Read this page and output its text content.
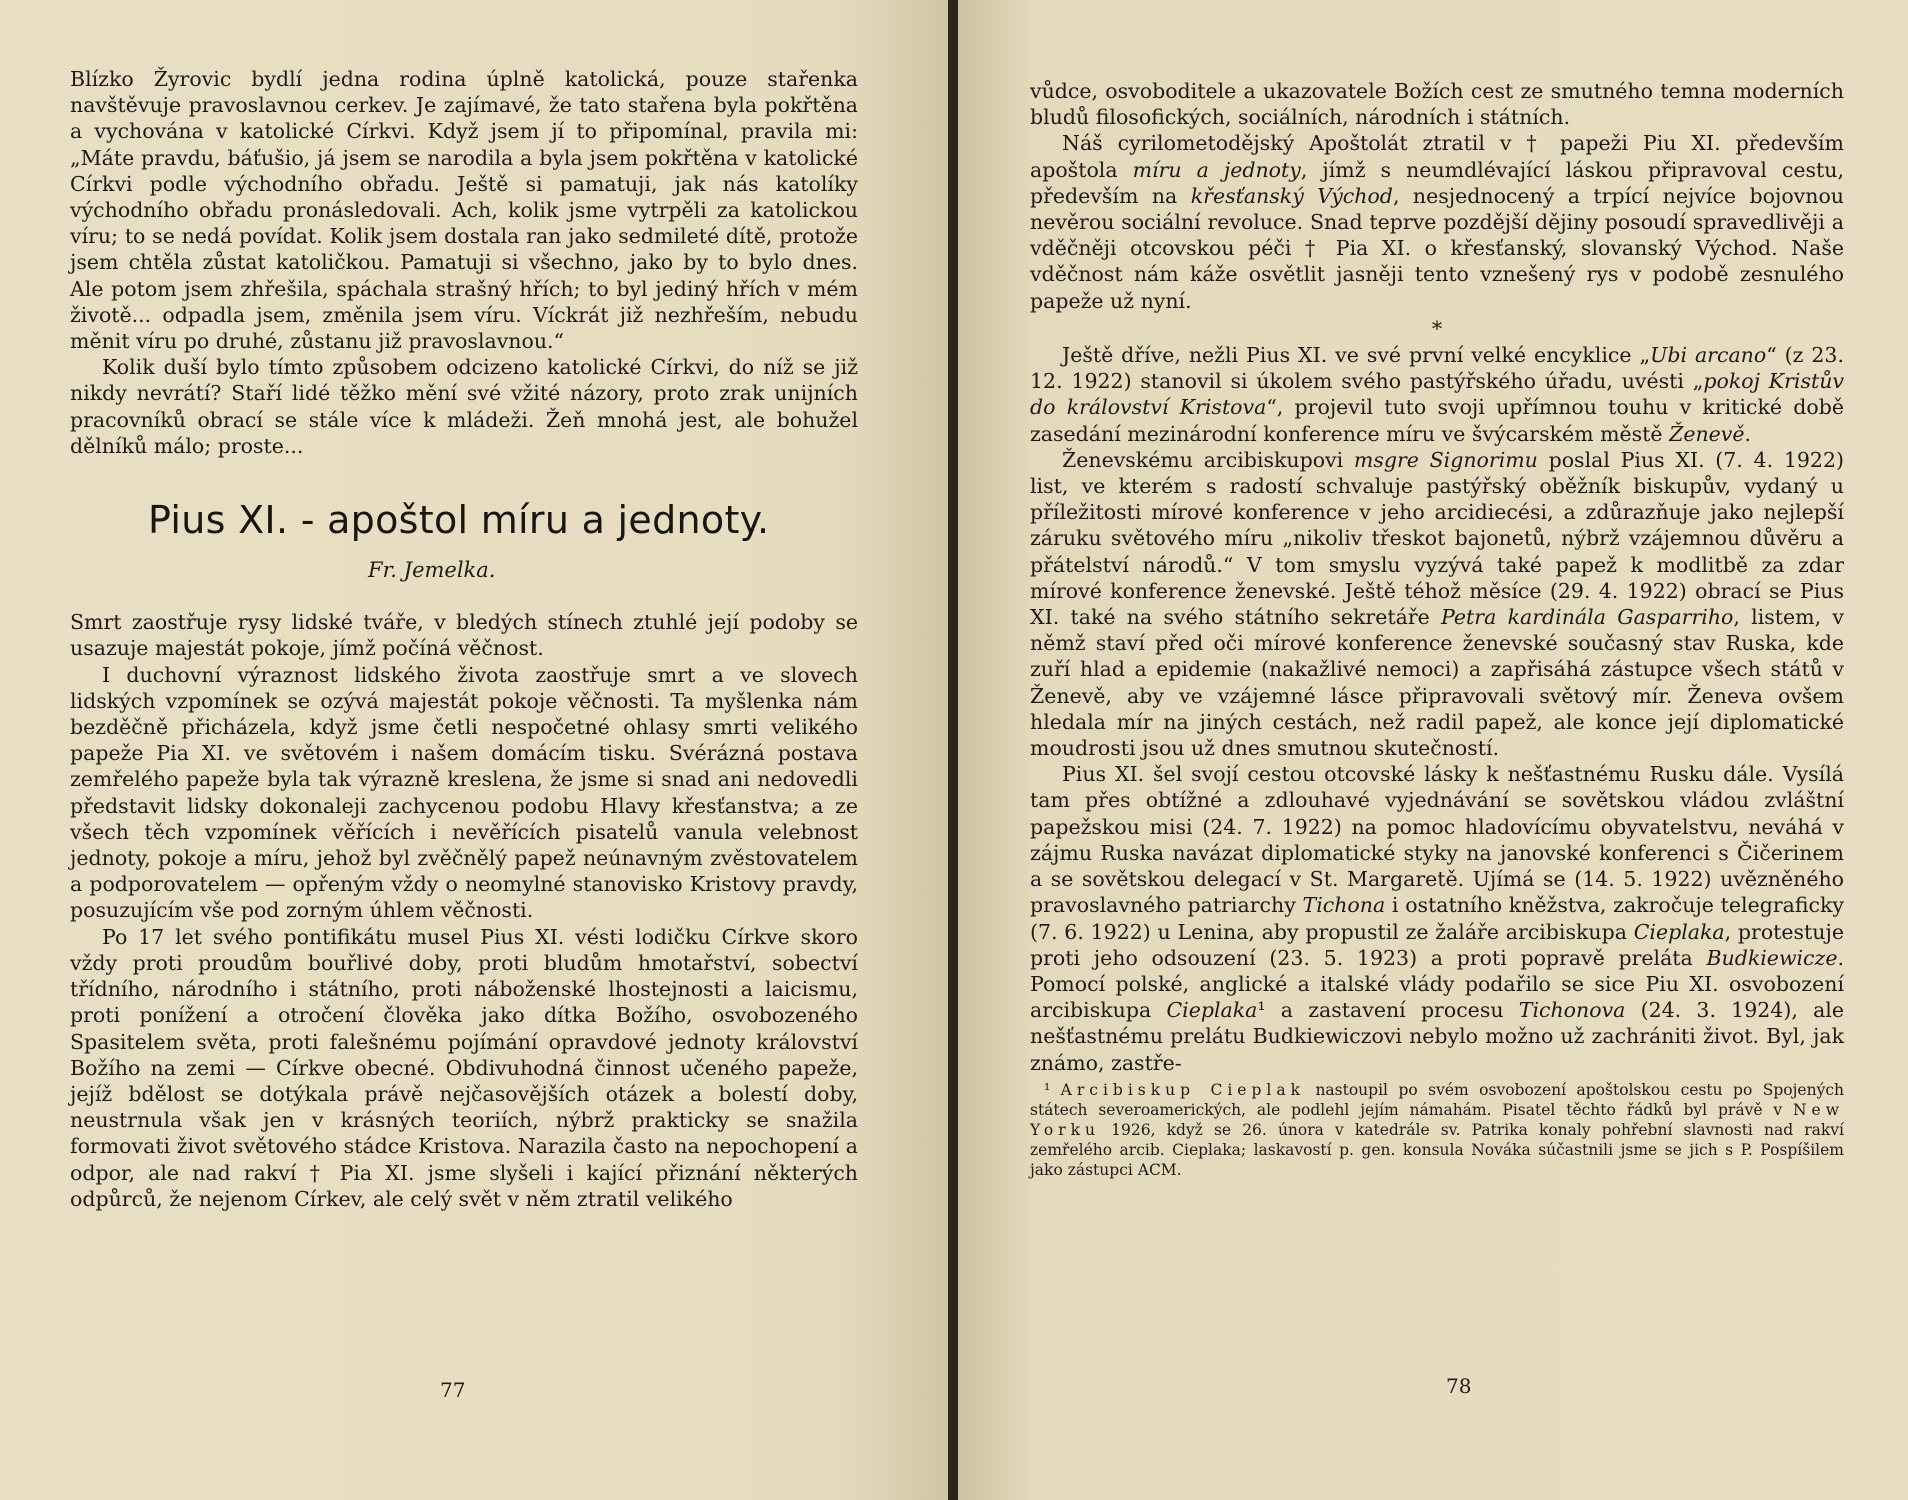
Blízko Žyrovic bydlí jedna rodina úplně katolická, pouze stařenka navštěvuje pravoslavnou cerkev. Je zajímavé, že tato stařena byla pokřtěna a vychována v katolické Církvi. Když jsem jí to připomínal, pravila mi: „Máte pravdu, báťušio, já jsem se narodila a byla jsem pokřtěna v katolické Církvi podle východního obřadu. Ještě si pamatuji, jak nás katolíky východního obřadu pronásledovali. Ach, kolik jsme vytrpěli za katolickou víru; to se nedá povídat. Kolik jsem dostala ran jako sedmileté dítě, protože jsem chtěla zůstat katoličkou. Pamatuji si všechno, jako by to bylo dnes. Ale potom jsem zhřešila, spáchala strašný hřích; to byl jediný hřích v mém životě... odpadla jsem, změnila jsem víru. Víckrát již nezhřeším, nebudu měnit víru po druhé, zůstanu již pravoslavnou.“

Kolik duší bylo tímto způsobem odcizeno katolické Církvi, do níž se již nikdy nevrátí? Staří lidé těžko mění své vžité názory, proto zrak unijních pracovníků obrací se stále více k mládeži. Žeň mnohá jest, ale bohužel dělníků málo; proste...

Pius XI. - apoštol míru a jednoty.
Fr. Jemelka.

Smrt zaostřuje rysy lidské tváře, v bledých stínech ztuhlé její podoby se usazuje majestát pokoje, jímž počíná věčnost.

I duchovní výraznost lidského života zaostřuje smrt a ve slovech lidských vzpomínek se ozývá majestát pokoje věčnosti. Ta myšlenka nám bezděčně přicházela, když jsme četli nespočetné ohlasy smrti velikého papeže Pia XI. ve světovém i našem domácím tisku. Svérázná postava zemřelého papeže byla tak výrazně kreslena, že jsme si snad ani nedovedli představit lidsky dokonaleji zachycenou podobu Hlavy křesťanstva; a ze všech těch vzpomínek věřících i nevěřících pisatelů vanula velebnost jednoty, pokoje a míru, jehož byl zvěčnělý papež neúnavným zvěstovatelem a podporovatelem — opřeným vždy o neomylné stanovisko Kristovy pravdy, posuzujícím vše pod zorným úhlem věčnosti.

Po 17 let svého pontifikátu musel Pius XI. vésti lodičku Církve skoro vždy proti proudům bouřlivé doby, proti bludům hmotařství, sobectví třídního, národního i státního, proti náboženské lhostejnosti a laicismu, proti ponížení a otročení člověka jako dítka Božího, osvobozeného Spasitelem světa, proti falešnému pojímání opravdové jednoty království Božího na zemi — Církve obecné. Obdivuhodná činnost učeného papeže, jejíž bdělost se dotýkala právě nejčasovějších otázek a bolestí doby, neustrnula však jen v krásných teoriích, nýbrž prakticky se snažila formovati život světového stádce Kristova. Narazila často na nepochopení a odpor, ale nad rakví † Pia XI. jsme slyšeli i kající přiznání některých odpůrců, že nejenom Církev, ale celý svět v něm ztratil velikého

77

vůdce, osvoboditele a ukazovatele Božích cest ze smutného temna moderních bludů filosofických, sociálních, národních i státních.

Náš cyrilometodějský Apoštolát ztratil v † papeži Piu XI. především apoštola míru a jednoty, jímž s neumdlévající láskou připravoval cestu, především na křesťanský Východ, nesjednocený a trpící nejvíce bojovnou nevěrou sociální revoluce. Snad teprve pozdější dějiny posoudí spravedlivěji a vděčněji otcovskou péči † Pia XI. o křesťanský, slovanský Východ. Naše vděčnost nám káže osvětlit jasněji tento vznešený rys v podobě zesnulého papeže už nyní.

*

Ještě dříve, nežli Pius XI. ve své první velké encyklice „Ubi arcano“ (z 23. 12. 1922) stanovil si úkolem svého pastýřského úřadu, uvésti „pokoj Kristův do království Kristova“, projevil tuto svoji upřímnou touhu v kritické době zasedání mezinárodní konference míru ve švýcarském městě Ženevě.

Ženevskému arcibiskupovi msgre Signorimu poslal Pius XI. (7. 4. 1922) list, ve kterém s radostí schvaluje pastýřský oběžník biskupův, vydaný u příležitosti mírové konference v jeho arcidiecési, a zdůrazňuje jako nejlepší záruku světového míru „nikoliv třeskot bajonetů, nýbrž vzájemnou důvěru a přátelství národů.“ V tom smyslu vyzývá také papež k modlitbě za zdar mírové konference ženevské. Ještě téhož měsíce (29. 4. 1922) obrací se Pius XI. také na svého státního sekretáře Petra kardinála Gasparriho, listem, v němž staví před oči mírové konference ženevské současný stav Ruska, kde zuří hlad a epidemie (nakažlivé nemoci) a zapřisáhá zástupce všech států v Ženevě, aby ve vzájemné lásce připravovali světový mír. Ženeva ovšem hledala mír na jiných cestách, než radil papež, ale konce její diplomatické moudrosti jsou už dnes smutnou skutečností.

Pius XI. šel svojí cestou otcovské lásky k nešťastnému Rusku dále. Vysílá tam přes obtížné a zdlouhavé vyjednávání se sovětskou vládou zvláštní papežskou misi (24. 7. 1922) na pomoc hladovícímu obyvatelstvu, neváhá v zájmu Ruska navázat diplomatické styky na janovské konferenci s Čičerinem a se sovětskou delegací v St. Margaretě. Ujímá se (14. 5. 1922) uvězněného pravoslavného patriarchy Tichona i ostatního kněžstva, zakročuje telegraficky (7. 6. 1922) u Lenina, aby propustil ze žaláře arcibiskupa Cieplaka, protestuje proti jeho odsouzení (23. 5. 1923) a proti popravě preláta Budkiewicze. Pomocí polské, anglické a italské vlády podařilo se sice Piu XI. osvobození arcibiskupa Cieplaka¹ a zastavení procesu Tichonova (24. 3. 1924), ale nešťastnému prelátu Budkiewiczovi nebylo možno už zachrániti život. Byl, jak známo, zastře-

¹ Arcibiskup Cieplak nastoupil po svém osvobození apoštolskou cestu po Spojených státech severoamerických, ale podlehl jejím námahám. Pisatel těchto řádků byl právě v New Yorku 1926, když se 26. února v katedrále sv. Patrika konaly pohřební slavnosti nad rakví zemřelého arcib. Cieplaka; laskavostí p. gen. konsula Nováka súčastnili jsme se jich s P. Pospíšilem jako zástupci ACM.

78
